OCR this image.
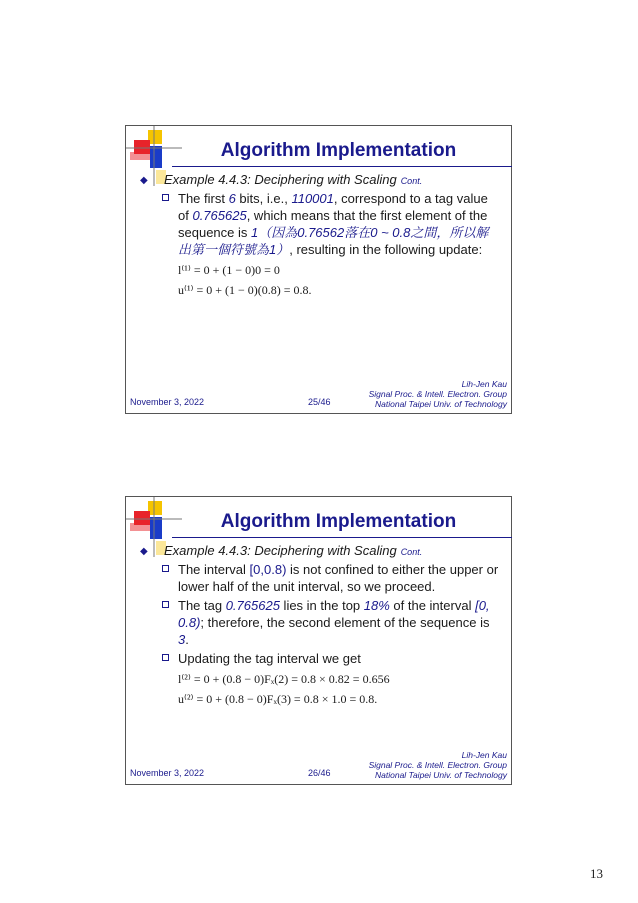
Algorithm Implementation
◆ Example 4.4.3: Deciphering with Scaling Cont.
The first 6 bits, i.e., 110001, correspond to a tag value of 0.765625, which means that the first element of the sequence is 1（因為0.76562落在0 ~ 0.8之間，所以解出第一個符號為1）, resulting in the following update:
l⁽¹⁾ = 0 + (1 − 0)0 = 0
u⁽¹⁾ = 0 + (1 − 0)(0.8) = 0.8.
November 3, 2022	25/46
Lih-Jen Kau
Signal Proc. & Intell. Electron. Group
National Taipei Univ. of Technology
Algorithm Implementation
◆ Example 4.4.3: Deciphering with Scaling Cont.
The interval [0,0.8) is not confined to either the upper or lower half of the unit interval, so we proceed.
The tag 0.765625 lies in the top 18% of the interval [0, 0.8); therefore, the second element of the sequence is 3.
Updating the tag interval we get
l⁽²⁾ = 0 + (0.8 − 0)Fₓ(2) = 0.8 × 0.82 = 0.656
u⁽²⁾ = 0 + (0.8 − 0)Fₓ(3) = 0.8 × 1.0 = 0.8.
November 3, 2022	26/46
Lih-Jen Kau
Signal Proc. & Intell. Electron. Group
National Taipei Univ. of Technology
13
